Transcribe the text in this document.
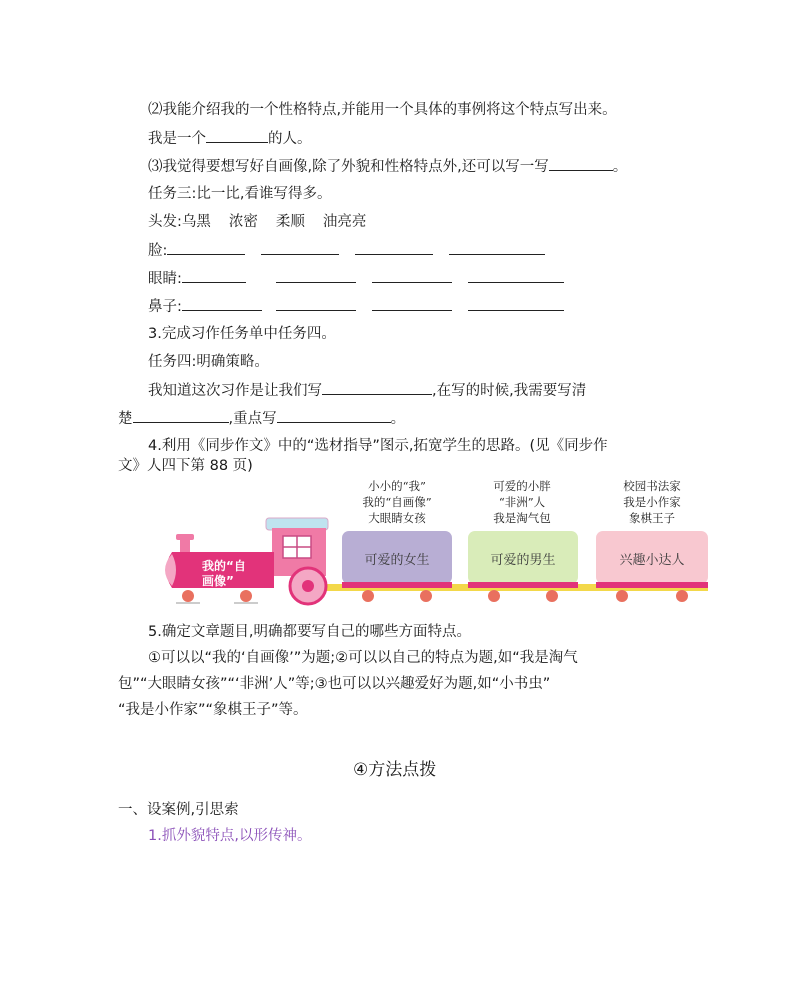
⑵我能介绍我的一个性格特点,并能用一个具体的事例将这个特点写出来。
我是一个	的人。
⑶我觉得要想写好自画像,除了外貌和性格特点外,还可以写一写	。
任务三:比一比,看谁写得多。
头发:乌黑 浓密 柔顺 油亮亮
脸:
眼睛:
鼻子:
3.完成习作任务单中任务四。
任务四:明确策略。
我知道这次习作是让我们写	,在写的时候,我需要写清
楚	,重点写	。
4.利用《同步作文》中的“选材指导”图示,拓宽学生的思路。(见《同步作
文》人四下第 88 页)
小小的“我”
我的“自画像”
大眼睛女孩
可爱的小胖
“非洲”人
我是淘气包
校园书法家
我是小作家
象棋王子
我的“自
画像”
可爱的女生	可爱的男生	兴趣小达人
5.确定文章题目,明确都要写自己的哪些方面特点。
①可以以“我的‘自画像’”为题;②可以以自己的特点为题,如“我是淘气
包”“大眼睛女孩”“‘非洲’人”等;③也可以以兴趣爱好为题,如“小书虫”
“我是小作家”“象棋王子”等。
④方法点拨
一、设案例,引思索
1.抓外貌特点,以形传神。
